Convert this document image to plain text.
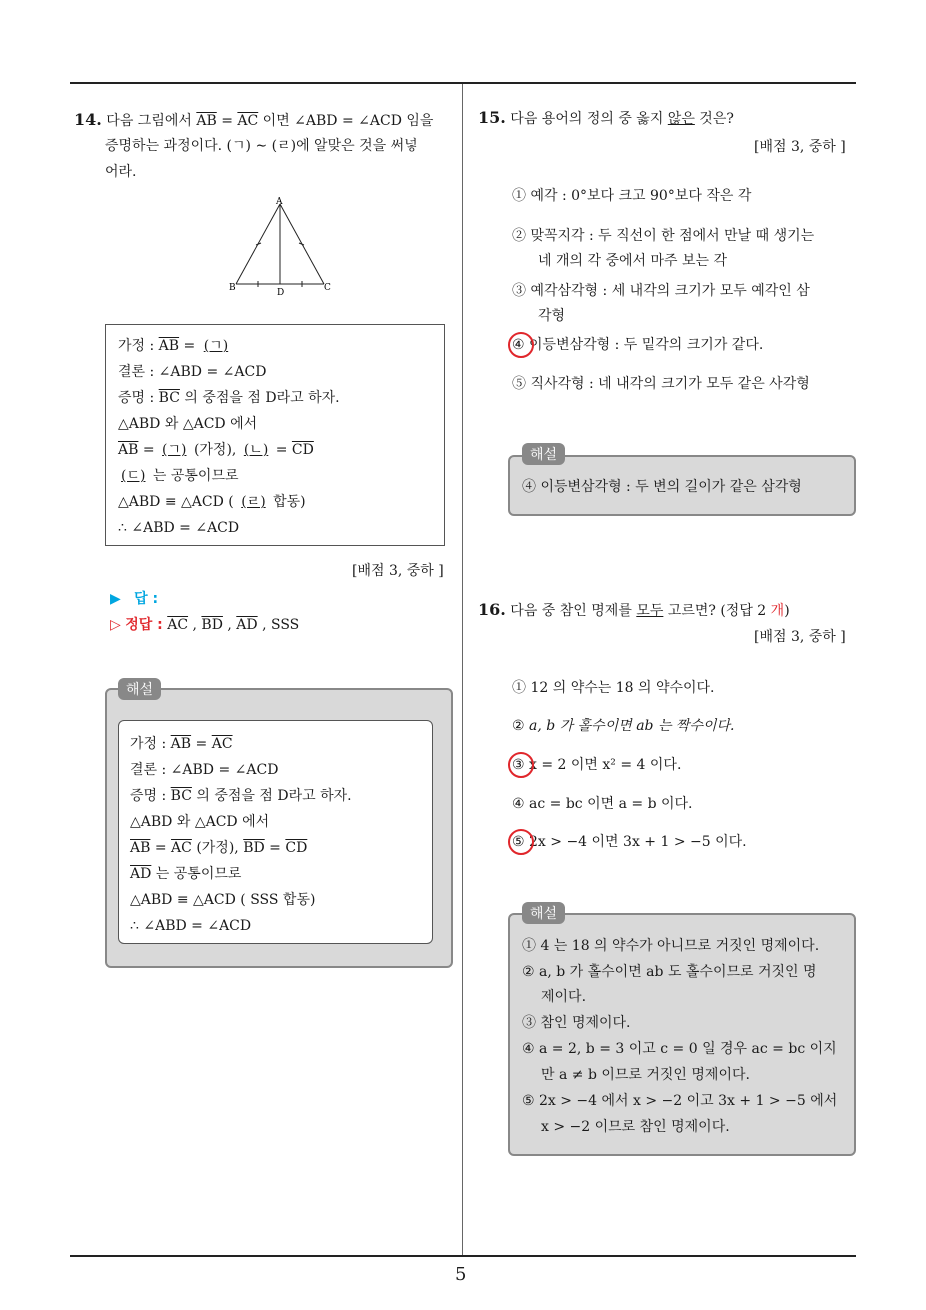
5
14. 다음 그림에서 $\overline{AB} = \overline{AC}$ 이면 ∠ABD = ∠ACD 임을
증명하는 과정이다. (ㄱ) ∼ (ㄹ)에 알맞은 것을 써넣
어라.
A
B	C
D
가정 : $\overline{AB}$ = (ㄱ)
결론 : ∠ABD = ∠ACD
증명 : $\overline{BC}$ 의 중점을 점 D라고 하자.
△ABD 와 △ACD 에서
$\overline{AB}$ = (ㄱ) (가정), (ㄴ) = $\overline{CD}$
(ㄷ) 는 공통이므로
△ABD ≡ △ACD ( (ㄹ) 합동)
∴ ∠ABD = ∠ACD
[배점 3, 중하 ]
▶ 답 :
▷ 정답 : $\overline{AC}$ , $\overline{BD}$ , $\overline{AD}$ , SSS
해설
가정 : $\overline{AB} = \overline{AC}$
결론 : ∠ABD = ∠ACD
증명 : $\overline{BC}$ 의 중점을 점 D라고 하자.
△ABD 와 △ACD 에서
$\overline{AB} = \overline{AC}$ (가정), $\overline{BD} = \overline{CD}$
$\overline{AD}$ 는 공통이므로
△ABD ≡ △ACD ( SSS 합동)
∴ ∠ABD = ∠ACD
15. 다음 용어의 정의 중 옳지 않은 것은?
[배점 3, 중하 ]
① 예각 : 0°보다 크고 90°보다 작은 각
② 맞꼭지각 : 두 직선이 한 점에서 만날 때 생기는
네 개의 각 중에서 마주 보는 각
③ 예각삼각형 : 세 내각의 크기가 모두 예각인 삼
각형
④ 이등변삼각형 : 두 밑각의 크기가 같다.
⑤ 직사각형 : 네 내각의 크기가 모두 같은 사각형
해설
④ 이등변삼각형 : 두 변의 길이가 같은 삼각형
16. 다음 중 참인 명제를 모두 고르면? (정답 2 개)
[배점 3, 중하 ]
① 12 의 약수는 18 의 약수이다.
② a, b 가 홀수이면 ab 는 짝수이다.
③ x = 2 이면 x² = 4 이다.
④ ac = bc 이면 a = b 이다.
⑤ 2x > −4 이면 3x + 1 > −5 이다.
해설
① 4 는 18 의 약수가 아니므로 거짓인 명제이다.
② a, b 가 홀수이면 ab 도 홀수이므로 거짓인 명
제이다.
③ 참인 명제이다.
④ a = 2, b = 3 이고 c = 0 일 경우 ac = bc 이지
만 a ≠ b 이므로 거짓인 명제이다.
⑤ 2x > −4 에서 x > −2 이고 3x + 1 > −5 에서
x > −2 이므로 참인 명제이다.
